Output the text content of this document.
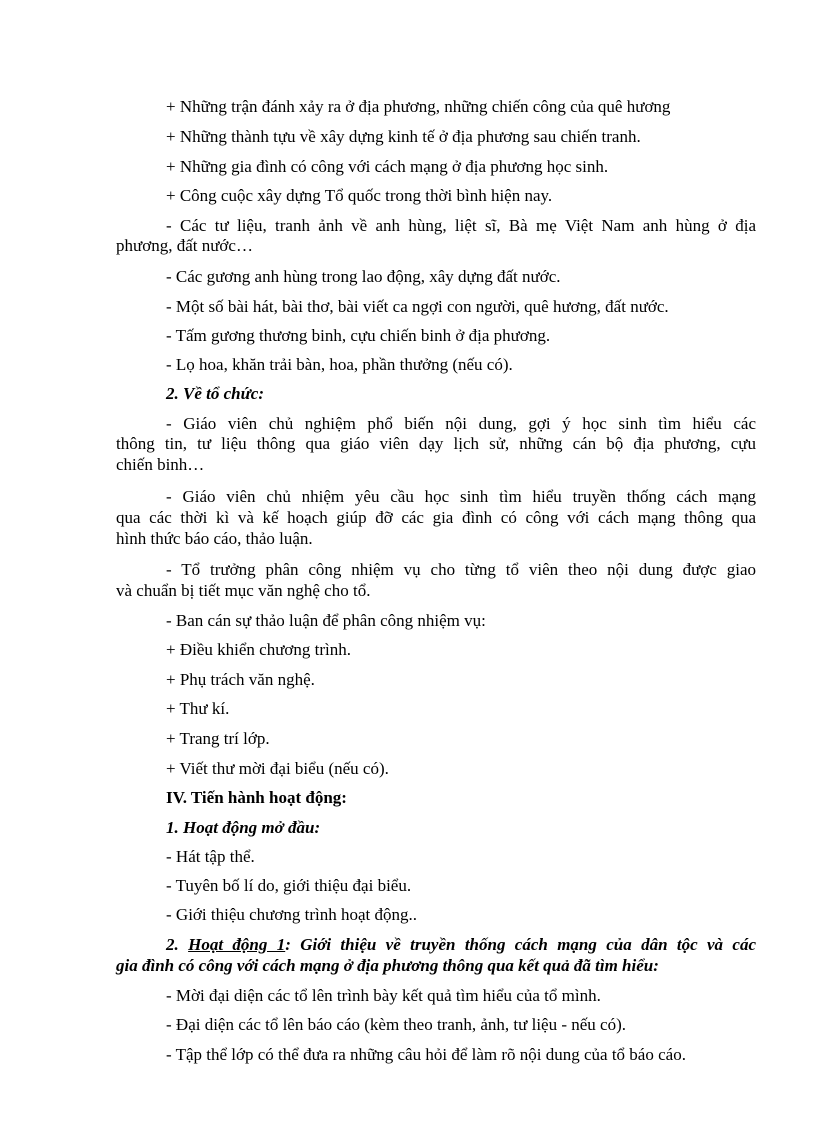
+ Những trận đánh xảy ra ở địa phương, những chiến công của quê hương
+ Những thành tựu về xây dựng kinh tế ở địa phương sau chiến tranh.
+ Những gia đình có công với cách mạng ở địa phương học sinh.
+ Công cuộc xây dựng Tổ quốc trong thời bình hiện nay.
- Các tư liệu, tranh ảnh về anh hùng, liệt sĩ, Bà mẹ Việt Nam anh hùng ở địa
phương, đất nước…
- Các gương anh hùng trong lao động, xây dựng đất nước.
- Một số bài hát, bài thơ, bài viết ca ngợi con người, quê hương, đất nước.
- Tấm gương thương binh, cựu chiến binh ở địa phương.
- Lọ hoa, khăn trải bàn, hoa, phần thưởng (nếu có).
2. Về tổ chức:
- Giáo viên chủ nghiệm phổ biến nội dung, gợi ý học sinh tìm hiểu các
thông tin, tư liệu thông qua giáo viên dạy lịch sử, những cán bộ địa phương, cựu
chiến binh…
- Giáo viên chủ nhiệm yêu cầu học sinh tìm hiểu truyền thống cách mạng
qua các thời kì và kế hoạch giúp đỡ các gia đình có công với cách mạng thông qua
hình thức báo cáo, thảo luận.
- Tổ trưởng phân công nhiệm vụ cho từng tổ viên theo nội dung được giao
và chuẩn bị tiết mục văn nghệ cho tổ.
- Ban cán sự thảo luận để phân công nhiệm vụ:
+ Điều khiển chương trình.
+ Phụ trách văn nghệ.
+ Thư kí.
+ Trang trí lớp.
+ Viết thư mời đại biểu (nếu có).
IV. Tiến hành hoạt động:
1. Hoạt động mở đầu:
- Hát tập thể.
- Tuyên bố lí do, giới thiệu đại biểu.
- Giới thiệu chương trình hoạt động..
2. Hoạt động 1: Giới thiệu về truyền thống cách mạng của dân tộc và các
gia đình có công với cách mạng ở địa phương thông qua kết quả đã tìm hiểu:
- Mời đại diện các tổ lên trình bày kết quả tìm hiểu của tổ mình.
- Đại diện các tổ lên báo cáo (kèm theo tranh, ảnh, tư liệu - nếu có).
- Tập thể lớp có thể đưa ra những câu hỏi để làm rõ nội dung của tổ báo cáo.
